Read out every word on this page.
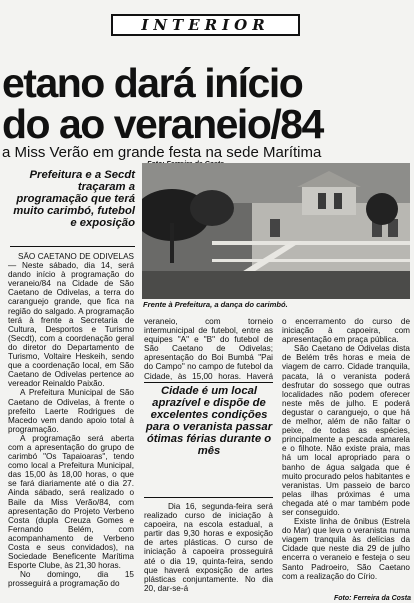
INTERIOR
etano dará início
do ao veraneio/84
a Miss Verão em grande festa na sede Marítima
Prefeitura e a Secdt traçaram a programação que terá muito carimbó, futebol e exposição
Frente à Prefeitura, a dança do carimbó.

SÃO CAETANO DE ODIVELAS — Neste sábado, dia 14, será dando início à programação do veraneio/84 na Cidade de São Caetano de Odivelas, a terra do caranguejo grande, que fica na região do salgado. A programação terá à frente a Secretaria de Cultura, Desportos e Turismo (Secdt), com a coordenação geral do diretor do Departamento de Turismo, Voltaire Heskeih, sendo que a coordenação local, em São Caetano de Odivelas pertence ao vereador Reinaldo Paixão.

A Prefeitura Municipal de São Caetano de Odivelas, à frente o prefeito Laerte Rodrigues de Macedo vem dando apoio total à programação.

A programação será aberta com a apresentação do grupo de carimbó "Os Tapaioaras", tendo como local a Prefeitura Municipal, das 15,00 às 18,00 horas, o que se fará diariamente até o dia 27. Ainda sábado, será realizado o Baile da Miss Verão/84, com apresentação do Projeto Verbeno Costa (dupla Creuza Gomes e Fernando Belém, com acompanhamento de Verbeno Costa e seus convidados), na Sociedade Beneficente Marítima Esporte Clube, às 21,30 horas.

No domingo, dia 15 prosseguirá a programação do

veraneio, com torneio intermunicipal de futebol, entre as equipes "A" e "B" do futebol de São Caetano de Odivelas; apresentação do Boi Bumbá "Pai do Campo" no campo de futebol da Cidade, às 15,00 horas. Haverá

Cidade é um local aprazível e dispõe de excelentes condições para o veranista passar ótimas férias durante o mês

Dia 16, segunda-feira será realizado curso de iniciação à capoeira, na escola estadual, a partir das 9,30 horas e exposição de artes plásticas. O curso de iniciação à capoeira prosseguirá até o dia 19, quinta-feira, sendo que haverá exposição de artes plásticas conjuntamente. No dia 20, dar-se-á

o encerramento do curso de iniciação à capoeira, com apresentação em praça pública.

São Caetano de Odivelas dista de Belém três horas e meia de viagem de carro. Cidade tranquila, pacata, lá o veranista poderá desfrutar do sossego que outras localidades não podem oferecer neste mês de julho. E poderá degustar o caranguejo, o que há de melhor, além de não faltar o peixe, de todas as espécies, principalmente a pescada amarela e o filhote. Não existe praia, mas há um local apropriado para o banho de água salgada que é muito procurado pelos habitantes e veranistas. Um passeio de barco pelas ilhas próximas é uma chegada até o mar também pode ser conseguido.

Existe linha de ônibus (Estrela do Mar) que leva o veranista numa viagem tranquila às delícias da Cidade que neste dia 29 de julho encerra o veraneio e festeja o seu Santo Padroeiro, São Caetano com a realização do Círio.

Foto: Ferreira da Costa
